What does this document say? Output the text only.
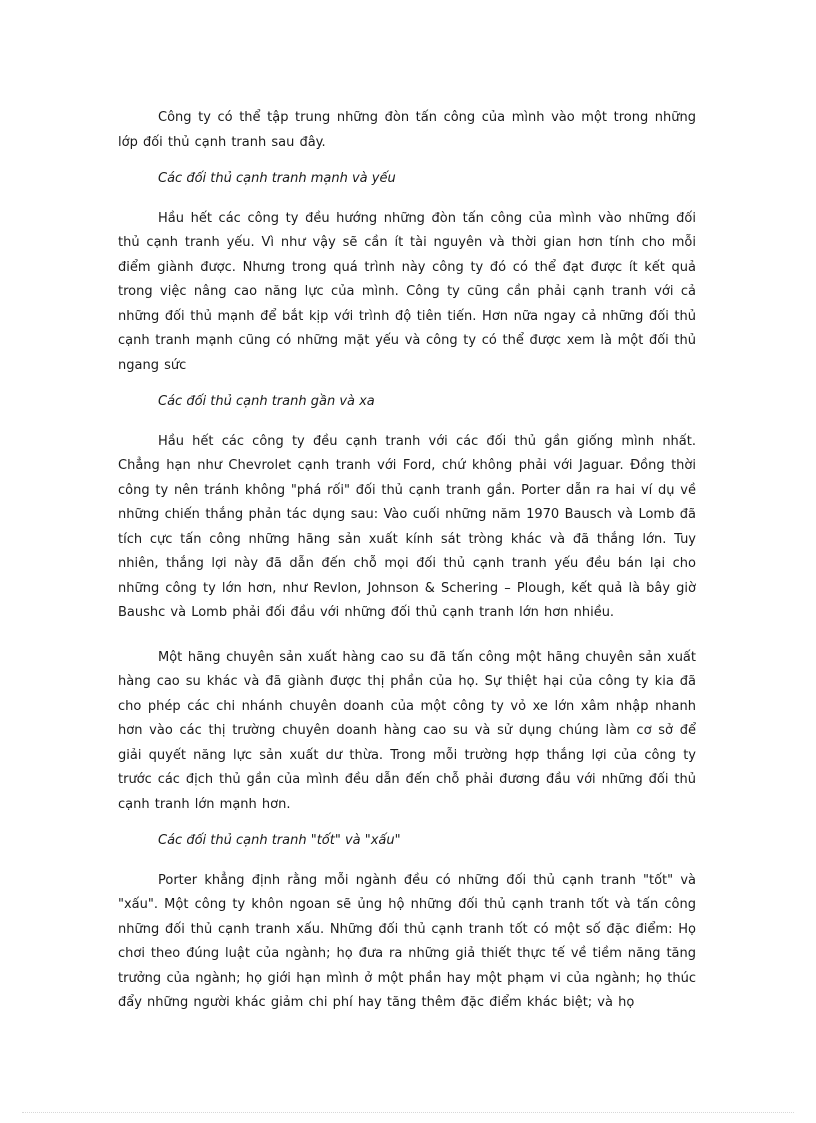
Công ty có thể tập trung những đòn tấn công của mình vào một trong những lớp đối thủ cạnh tranh sau đây.

Các đối thủ cạnh tranh mạnh và yếu

Hầu hết các công ty đều hướng những đòn tấn công của mình vào những đối thủ cạnh tranh yếu. Vì như vậy sẽ cần ít tài nguyên và thời gian hơn tính cho mỗi điểm giành được. Nhưng trong quá trình này công ty đó có thể đạt được ít kết quả trong việc nâng cao năng lực của mình. Công ty cũng cần phải cạnh tranh với cả những đối thủ mạnh để bắt kịp với trình độ tiên tiến. Hơn nữa ngay cả những đối thủ cạnh tranh mạnh cũng có những mặt yếu và công ty có thể được xem là một đối thủ ngang sức

Các đối thủ cạnh tranh gần và xa

Hầu hết các công ty đều cạnh tranh với các đối thủ gần giống mình nhất. Chẳng hạn như Chevrolet cạnh tranh với Ford, chứ không phải với Jaguar. Đồng thời công ty nên tránh không "phá rối" đối thủ cạnh tranh gần. Porter dẫn ra hai ví dụ về những chiến thắng phản tác dụng sau: Vào cuối những năm 1970 Bausch và Lomb đã tích cực tấn công những hãng sản xuất kính sát tròng khác và đã thắng lớn. Tuy nhiên, thắng lợi này đã dẫn đến chỗ mọi đối thủ cạnh tranh yếu đều bán lại cho những công ty lớn hơn, như Revlon, Johnson & Schering – Plough, kết quả là bây giờ Baushc và Lomb phải đối đầu với những đối thủ cạnh tranh lớn hơn nhiều.

Một hãng chuyên sản xuất hàng cao su đã tấn công một hãng chuyên sản xuất hàng cao su khác và đã giành được thị phần của họ. Sự thiệt hại của công ty kia đã cho phép các chi nhánh chuyên doanh của một công ty vỏ xe lớn xâm nhập nhanh hơn vào các thị trường chuyên doanh hàng cao su và sử dụng chúng làm cơ sở để giải quyết năng lực sản xuất dư thừa. Trong mỗi trường hợp thắng lợi của công ty trước các địch thủ gần của mình đều dẫn đến chỗ phải đương đầu với những đối thủ cạnh tranh lớn mạnh hơn.

Các đối thủ cạnh tranh "tốt" và "xấu"

Porter khẳng định rằng mỗi ngành đều có những đối thủ cạnh tranh "tốt" và "xấu". Một công ty khôn ngoan sẽ ủng hộ những đối thủ cạnh tranh tốt và tấn công những đối thủ cạnh tranh xấu. Những đối thủ cạnh tranh tốt có một số đặc điểm: Họ chơi theo đúng luật của ngành; họ đưa ra những giả thiết thực tế về tiềm năng tăng trưởng của ngành; họ giới hạn mình ở một phần hay một phạm vi của ngành; họ thúc đẩy những người khác giảm chi phí hay tăng thêm đặc điểm khác biệt; và họ
